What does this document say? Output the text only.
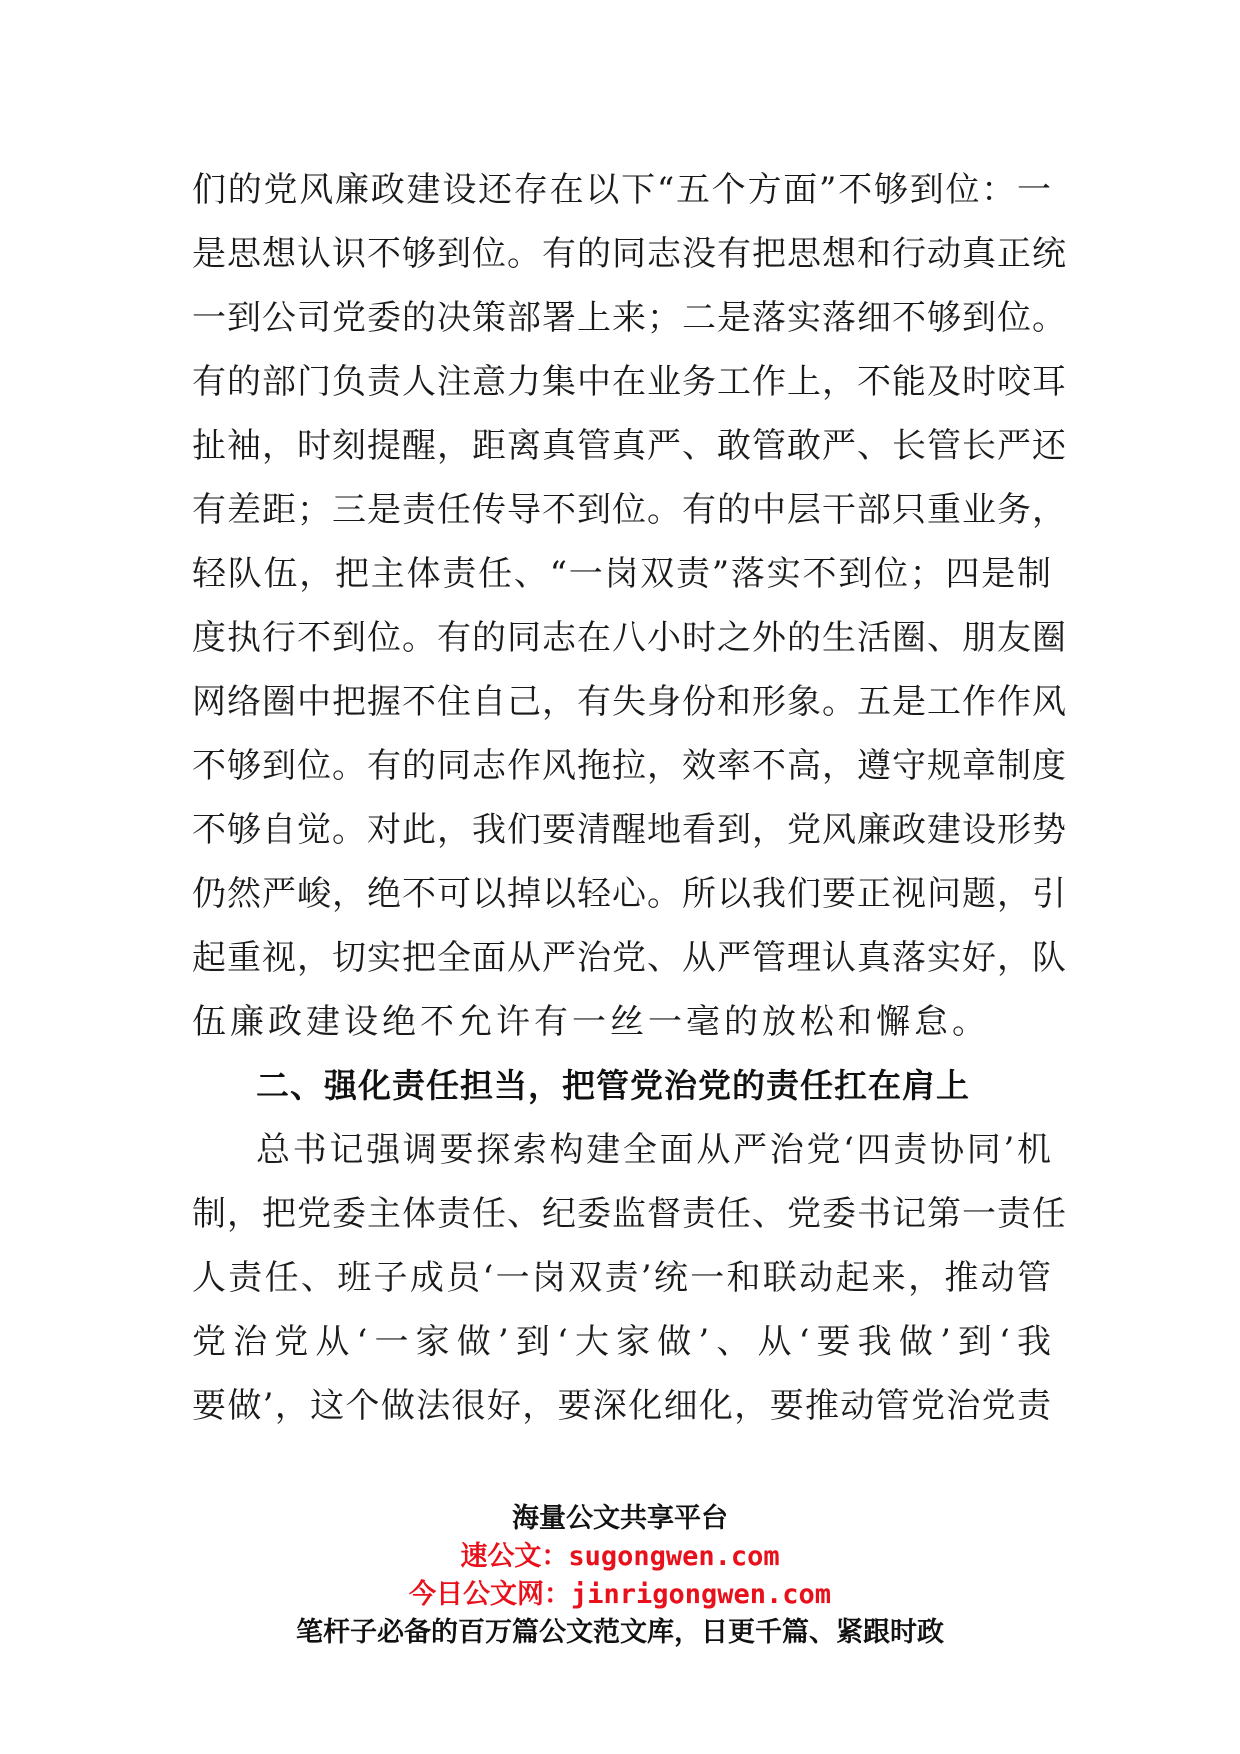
们的党风廉政建设还存在以下“五个方面”不够到位：一
是思想认识不够到位。有的同志没有把思想和行动真正统
一到公司党委的决策部署上来；二是落实落细不够到位。
有的部门负责人注意力集中在业务工作上，不能及时咬耳
扯袖，时刻提醒，距离真管真严、敢管敢严、长管长严还
有差距；三是责任传导不到位。有的中层干部只重业务，
轻队伍，把主体责任、“一岗双责”落实不到位；四是制
度执行不到位。有的同志在八小时之外的生活圈、朋友圈
网络圈中把握不住自己，有失身份和形象。五是工作作风
不够到位。有的同志作风拖拉，效率不高，遵守规章制度
不够自觉。对此，我们要清醒地看到，党风廉政建设形势
仍然严峻，绝不可以掉以轻心。所以我们要正视问题，引
起重视，切实把全面从严治党、从严管理认真落实好，队
伍廉政建设绝不允许有一丝一毫的放松和懈怠。
二、强化责任担当，把管党治党的责任扛在肩上
总书记强调要探索构建全面从严治党‘四责协同’机
制，把党委主体责任、纪委监督责任、党委书记第一责任
人责任、班子成员‘一岗双责’统一和联动起来，推动管
党治党从‘一家做’到‘大家做’、从‘要我做’到‘我
要做’，这个做法很好，要深化细化，要推动管党治党责
海量公文共享平台
速公文：sugongwen.com
今日公文网：jinrigongwen.com
笔杆子必备的百万篇公文范文库，日更千篇、紧跟时政
